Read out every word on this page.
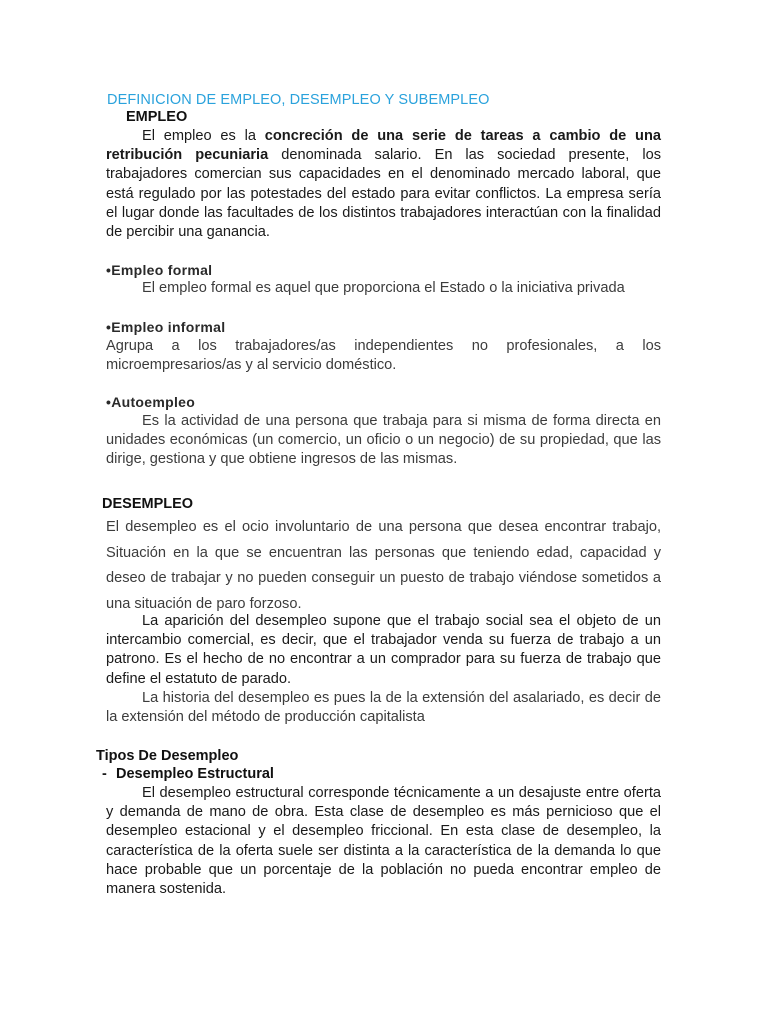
DEFINICION DE EMPLEO, DESEMPLEO Y SUBEMPLEO
EMPLEO
El empleo es la concreción de una serie de tareas a cambio de una retribución pecuniaria denominada salario. En las sociedad presente, los trabajadores comercian sus capacidades en el denominado mercado laboral, que está regulado por las potestades del estado para evitar conflictos. La empresa sería el lugar donde las facultades de los distintos trabajadores interactúan con la finalidad de percibir una ganancia.
•Empleo formal
El empleo formal es aquel que proporciona el Estado o la iniciativa privada
•Empleo informal
Agrupa a los trabajadores/as independientes no profesionales, a los microempresarios/as y al servicio doméstico.
•Autoempleo
Es la actividad de una persona que trabaja para si misma de forma directa en unidades económicas (un comercio, un oficio o un negocio) de su propiedad, que las dirige, gestiona y que obtiene ingresos de las mismas.
DESEMPLEO
El desempleo es el ocio involuntario de una persona que desea encontrar trabajo, Situación en la que se encuentran las personas que teniendo edad, capacidad y deseo de trabajar y no pueden conseguir un puesto de trabajo viéndose sometidos a una situación de paro forzoso.
La aparición del desempleo supone que el trabajo social sea el objeto de un intercambio comercial, es decir, que el trabajador venda su fuerza de trabajo a un patrono. Es el hecho de no encontrar a un comprador para su fuerza de trabajo que define el estatuto de parado.
La historia del desempleo es pues la de la extensión del asalariado, es decir de la extensión del método de producción capitalista
Tipos De Desempleo
- Desempleo Estructural
El desempleo estructural corresponde técnicamente a un desajuste entre oferta y demanda de mano de obra. Esta clase de desempleo es más pernicioso que el desempleo estacional y el desempleo friccional. En esta clase de desempleo, la característica de la oferta suele ser distinta a la característica de la demanda lo que hace probable que un porcentaje de la población no pueda encontrar empleo de manera sostenida.
